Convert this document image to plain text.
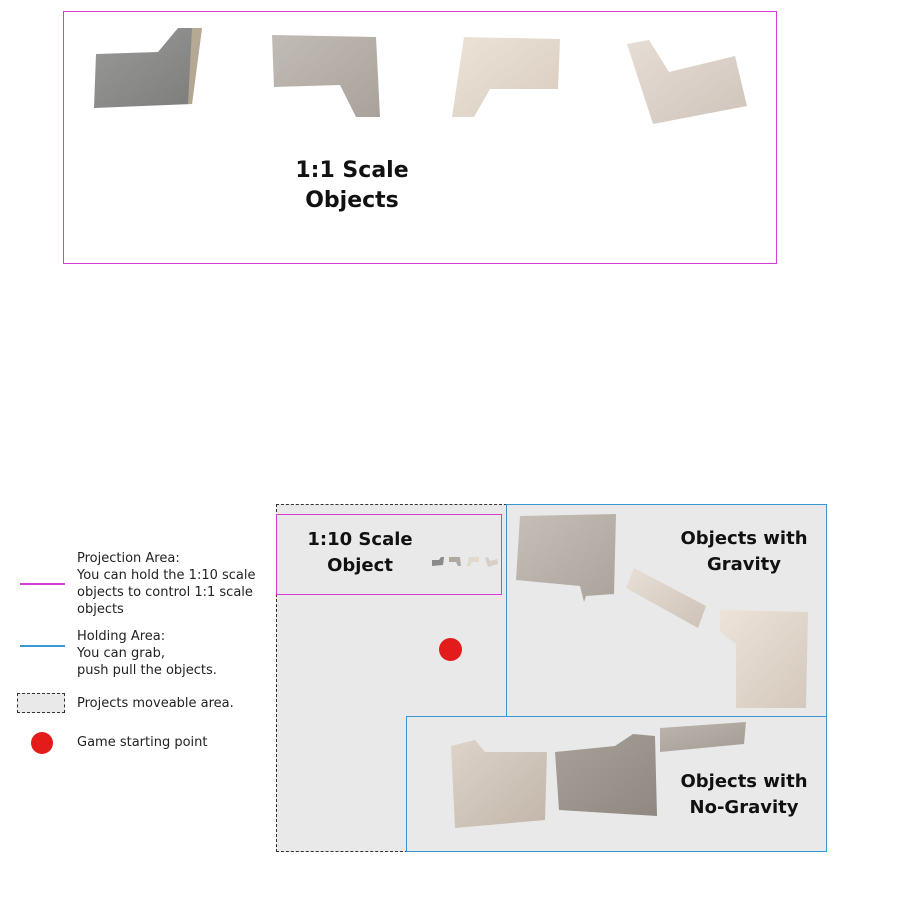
1:1 Scale
Objects
1:10 Scale
Object
Objects with
Gravity
Objects with
No-Gravity
Projection Area:
You can hold the 1:10 scale
objects to control 1:1 scale
objects
Holding Area:
You can grab,
push pull the objects.
Projects moveable area.
Game starting point
